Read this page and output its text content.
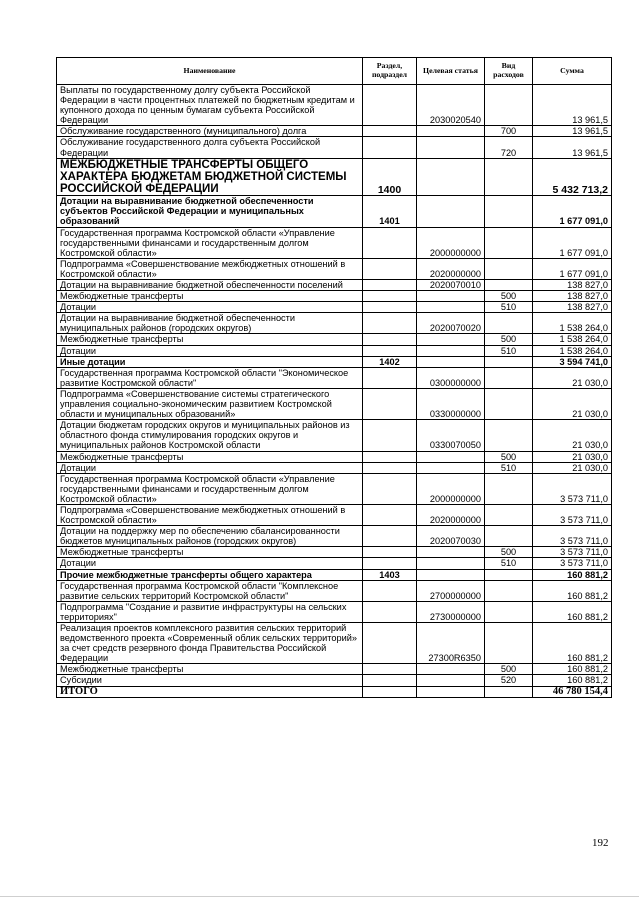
Наименование	Раздел, подраздел	Целевая статья	Вид расходов	Сумма
Выплаты по государственному долгу субъекта Российской Федерации в части процентных платежей по бюджетным кредитам и купонного дохода по ценным бумагам субъекта Российской Федерации		2030020540		13 961,5
Обслуживание государственного (муниципального) долга			700	13 961,5
Обслуживание государственного долга субъекта Российской Федерации			720	13 961,5
МЕЖБЮДЖЕТНЫЕ ТРАНСФЕРТЫ ОБЩЕГО ХАРАКТЕРА БЮДЖЕТАМ БЮДЖЕТНОЙ СИСТЕМЫ РОССИЙСКОЙ ФЕДЕРАЦИИ	1400			5 432 713,2
Дотации на выравнивание бюджетной обеспеченности субъектов Российской Федерации и муниципальных образований	1401			1 677 091,0
Государственная программа Костромской области «Управление государственными финансами и государственным долгом Костромской области»		2000000000		1 677 091,0
Подпрограмма «Совершенствование межбюджетных отношений в Костромской области»		2020000000		1 677 091,0
Дотации на выравнивание бюджетной обеспеченности поселений		2020070010		138 827,0
Межбюджетные трансферты			500	138 827,0
Дотации			510	138 827,0
Дотации на выравнивание бюджетной обеспеченности муниципальных районов (городских округов)		2020070020		1 538 264,0
Межбюджетные трансферты			500	1 538 264,0
Дотации			510	1 538 264,0
Иные дотации	1402			3 594 741,0
Государственная программа Костромской области "Экономическое развитие Костромской области"		0300000000		21 030,0
Подпрограмма «Совершенствование системы стратегического управления социально-экономическим развитием Костромской области и муниципальных образований»		0330000000		21 030,0
Дотации бюджетам городских округов и муниципальных районов из областного фонда стимулирования городских округов и муниципальных районов Костромской области		0330070050		21 030,0
Межбюджетные трансферты			500	21 030,0
Дотации			510	21 030,0
Государственная программа Костромской области «Управление государственными финансами и государственным долгом Костромской области»		2000000000		3 573 711,0
Подпрограмма «Совершенствование межбюджетных отношений в Костромской области»		2020000000		3 573 711,0
Дотации на поддержку мер по обеспечению сбалансированности бюджетов муниципальных районов (городских округов)		2020070030		3 573 711,0
Межбюджетные трансферты			500	3 573 711,0
Дотации			510	3 573 711,0
Прочие межбюджетные трансферты общего характера	1403			160 881,2
Государственная программа Костромской области "Комплексное развитие сельских территорий Костромской области"		2700000000		160 881,2
Подпрограмма "Создание и развитие инфраструктуры на сельских территориях"		2730000000		160 881,2
Реализация проектов комплексного развития сельских территорий ведомственного проекта «Современный облик сельских территорий» за счет средств резервного фонда Правительства Российской Федерации		27300R6350		160 881,2
Межбюджетные трансферты			500	160 881,2
Субсидии			520	160 881,2
ИТОГО				46 780 154,4
192
